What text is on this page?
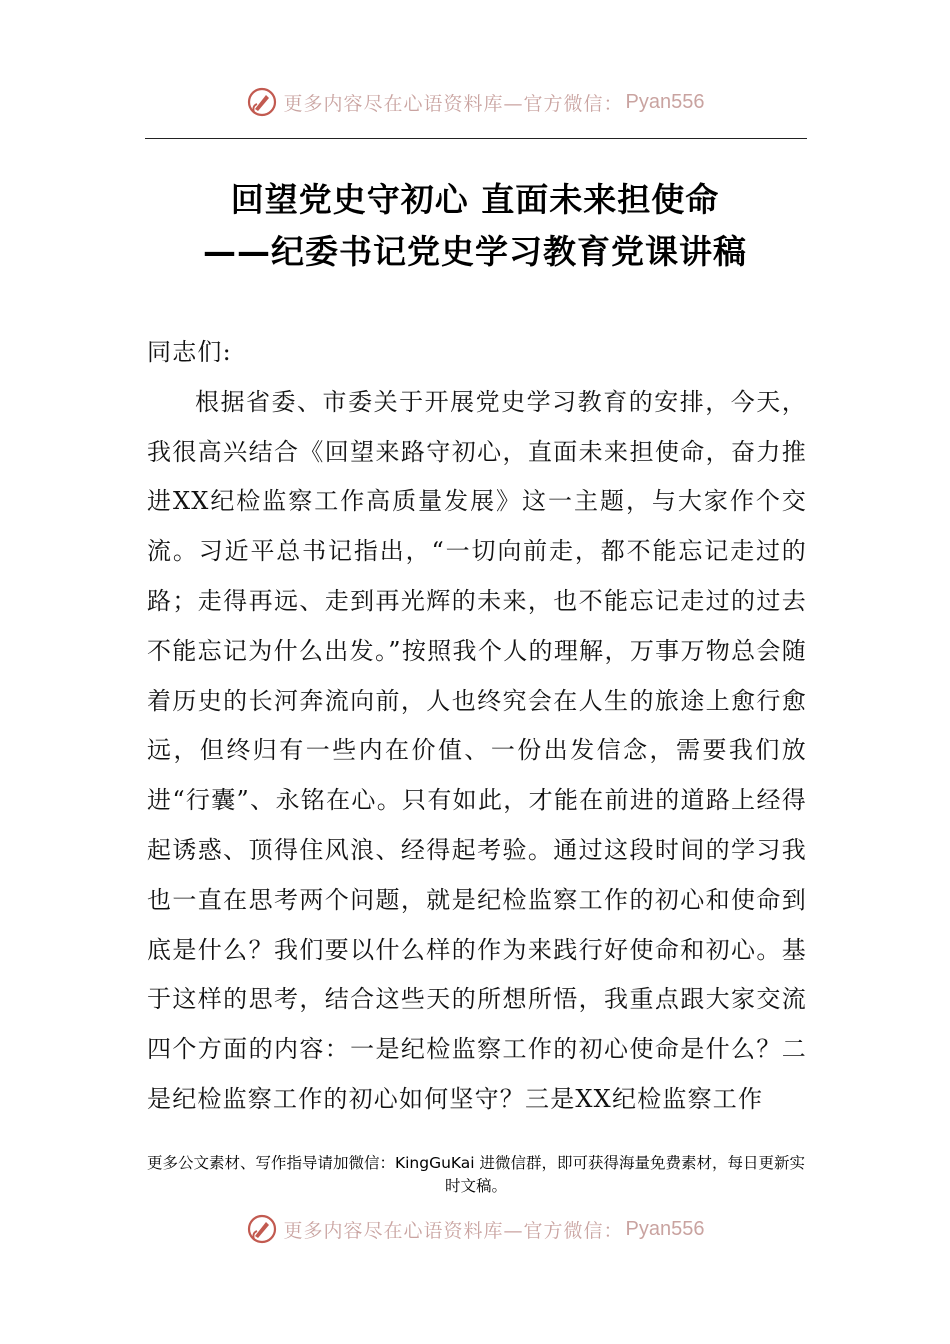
更多内容尽在心语资料库—官方微信： Pyan556
回望党史守初心 直面未来担使命
——纪委书记党史学习教育党课讲稿

同志们:

根据省委、市委关于开展党史学习教育的安排，今天，我很高兴结合《回望来路守初心，直面未来担使命，奋力推进XX纪检监察工作高质量发展》这一主题，与大家作个交流。习近平总书记指出，“一切向前走，都不能忘记走过的路；走得再远、走到再光辉的未来，也不能忘记走过的过去不能忘记为什么出发。”按照我个人的理解，万事万物总会随着历史的长河奔流向前，人也终究会在人生的旅途上愈行愈远，但终归有一些内在价值、一份出发信念，需要我们放进“行囊”、永铭在心。只有如此，才能在前进的道路上经得起诱惑、顶得住风浪、经得起考验。通过这段时间的学习我也一直在思考两个问题，就是纪检监察工作的初心和使命到底是什么？我们要以什么样的作为来践行好使命和初心。基于这样的思考，结合这些天的所想所悟，我重点跟大家交流四个方面的内容：一是纪检监察工作的初心使命是什么？二是纪检监察工作的初心如何坚守？三是XX纪检监察工作

更多公文素材、写作指导请加微信：KingGuKai 进微信群，即可获得海量免费素材，每日更新实时文稿。
更多内容尽在心语资料库—官方微信： Pyan556
